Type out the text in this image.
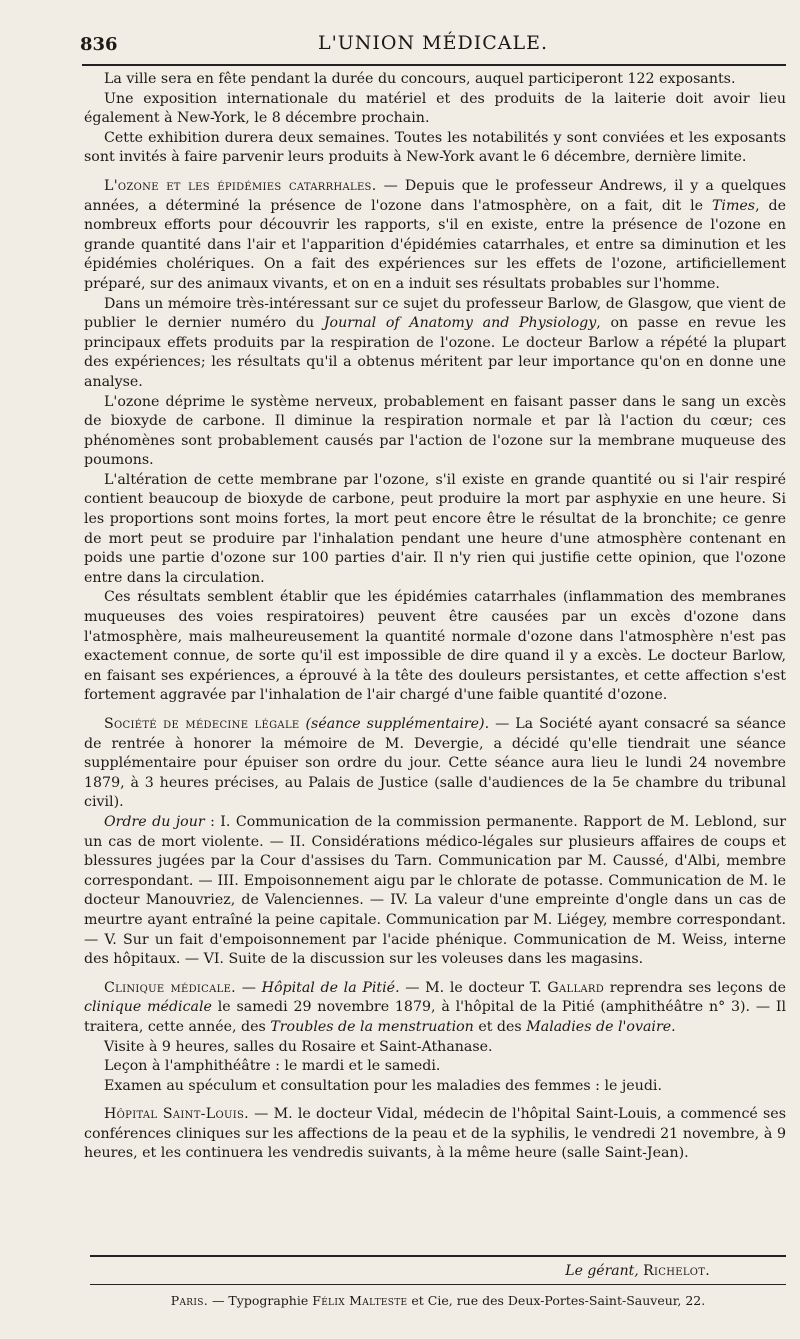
836	L'UNION MÉDICALE.

La ville sera en fête pendant la durée du concours, auquel participeront 122 exposants.

Une exposition internationale du matériel et des produits de la laiterie doit avoir lieu également à New-York, le 8 décembre prochain.

Cette exhibition durera deux semaines. Toutes les notabilités y sont conviées et les exposants sont invités à faire parvenir leurs produits à New-York avant le 6 décembre, dernière limite.

L'ozone et les épidémies catarrhales. — Depuis que le professeur Andrews, il y a quelques années, a déterminé la présence de l'ozone dans l'atmosphère, on a fait, dit le Times, de nombreux efforts pour découvrir les rapports, s'il en existe, entre la présence de l'ozone en grande quantité dans l'air et l'apparition d'épidémies catarrhales, et entre sa diminution et les épidémies cholériques. On a fait des expériences sur les effets de l'ozone, artificiellement préparé, sur des animaux vivants, et on en a induit ses résultats probables sur l'homme.

Dans un mémoire très-intéressant sur ce sujet du professeur Barlow, de Glasgow, que vient de publier le dernier numéro du Journal of Anatomy and Physiology, on passe en revue les principaux effets produits par la respiration de l'ozone. Le docteur Barlow a répété la plupart des expériences; les résultats qu'il a obtenus méritent par leur importance qu'on en donne une analyse.

L'ozone déprime le système nerveux, probablement en faisant passer dans le sang un excès de bioxyde de carbone. Il diminue la respiration normale et par là l'action du cœur; ces phénomènes sont probablement causés par l'action de l'ozone sur la membrane muqueuse des poumons.

L'altération de cette membrane par l'ozone, s'il existe en grande quantité ou si l'air respiré contient beaucoup de bioxyde de carbone, peut produire la mort par asphyxie en une heure. Si les proportions sont moins fortes, la mort peut encore être le résultat de la bronchite; ce genre de mort peut se produire par l'inhalation pendant une heure d'une atmosphère contenant en poids une partie d'ozone sur 100 parties d'air. Il n'y rien qui justifie cette opinion, que l'ozone entre dans la circulation.

Ces résultats semblent établir que les épidémies catarrhales (inflammation des membranes muqueuses des voies respiratoires) peuvent être causées par un excès d'ozone dans l'atmosphère, mais malheureusement la quantité normale d'ozone dans l'atmosphère n'est pas exactement connue, de sorte qu'il est impossible de dire quand il y a excès. Le docteur Barlow, en faisant ses expériences, a éprouvé à la tête des douleurs persistantes, et cette affection s'est fortement aggravée par l'inhalation de l'air chargé d'une faible quantité d'ozone.

Société de médecine légale (séance supplémentaire). — La Société ayant consacré sa séance de rentrée à honorer la mémoire de M. Devergie, a décidé qu'elle tiendrait une séance supplémentaire pour épuiser son ordre du jour. Cette séance aura lieu le lundi 24 novembre 1879, à 3 heures précises, au Palais de Justice (salle d'audiences de la 5e chambre du tribunal civil).

Ordre du jour : I. Communication de la commission permanente. Rapport de M. Leblond, sur un cas de mort violente. — II. Considérations médico-légales sur plusieurs affaires de coups et blessures jugées par la Cour d'assises du Tarn. Communication par M. Caussé, d'Albi, membre correspondant. — III. Empoisonnement aigu par le chlorate de potasse. Communication de M. le docteur Manouvriez, de Valenciennes. — IV. La valeur d'une empreinte d'ongle dans un cas de meurtre ayant entraîné la peine capitale. Communication par M. Liégey, membre correspondant. — V. Sur un fait d'empoisonnement par l'acide phénique. Communication de M. Weiss, interne des hôpitaux. — VI. Suite de la discussion sur les voleuses dans les magasins.

Clinique médicale. — Hôpital de la Pitié. — M. le docteur T. Gallard reprendra ses leçons de clinique médicale le samedi 29 novembre 1879, à l'hôpital de la Pitié (amphithéâtre n° 3). — Il traitera, cette année, des Troubles de la menstruation et des Maladies de l'ovaire.

Visite à 9 heures, salles du Rosaire et Saint-Athanase.

Leçon à l'amphithéâtre : le mardi et le samedi.

Examen au spéculum et consultation pour les maladies des femmes : le jeudi.

Hôpital Saint-Louis. — M. le docteur Vidal, médecin de l'hôpital Saint-Louis, a commencé ses conférences cliniques sur les affections de la peau et de la syphilis, le vendredi 21 novembre, à 9 heures, et les continuera les vendredis suivants, à la même heure (salle Saint-Jean).

Le gérant, Richelot.
Paris. — Typographie Félix Malteste et Cie, rue des Deux-Portes-Saint-Sauveur, 22.
